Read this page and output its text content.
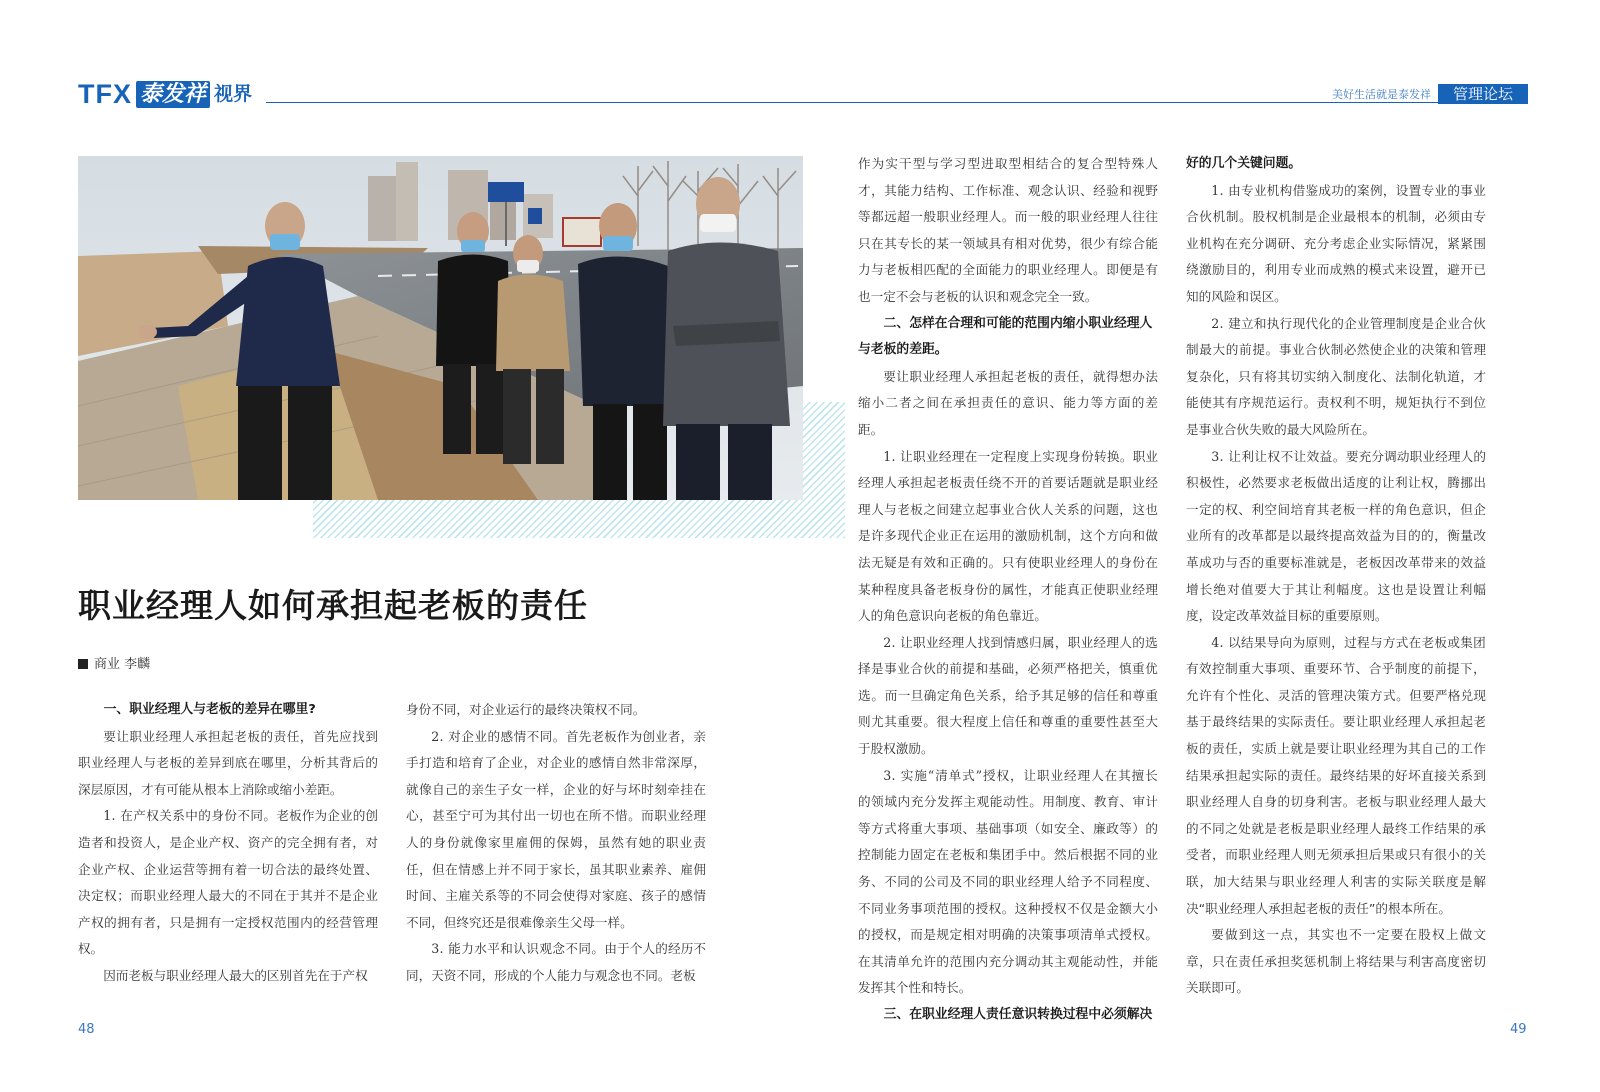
TFX 泰发祥 视界	美好生活就是泰发祥	管理论坛
职业经理人如何承担起老板的责任
商业 李麟
一、职业经理人与老板的差异在哪里?

要让职业经理人承担起老板的责任，首先应找到职业经理人与老板的差异到底在哪里，分析其背后的深层原因，才有可能从根本上消除或缩小差距。

1. 在产权关系中的身份不同。老板作为企业的创造者和投资人，是企业产权、资产的完全拥有者，对企业产权、企业运营等拥有着一切合法的最终处置、决定权；而职业经理人最大的不同在于其并不是企业产权的拥有者，只是拥有一定授权范围内的经营管理权。

因而老板与职业经理人最大的区别首先在于产权

身份不同，对企业运行的最终决策权不同。

2. 对企业的感情不同。首先老板作为创业者，亲手打造和培育了企业，对企业的感情自然非常深厚，就像自己的亲生子女一样，企业的好与坏时刻牵挂在心，甚至宁可为其付出一切也在所不惜。而职业经理人的身份就像家里雇佣的保姆，虽然有她的职业责任，但在情感上并不同于家长，虽其职业素养、雇佣时间、主雇关系等的不同会使得对家庭、孩子的感情不同，但终究还是很难像亲生父母一样。

3. 能力水平和认识观念不同。由于个人的经历不同，天资不同，形成的个人能力与观念也不同。老板

作为实干型与学习型进取型相结合的复合型特殊人才，其能力结构、工作标准、观念认识、经验和视野等都远超一般职业经理人。而一般的职业经理人往往只在其专长的某一领域具有相对优势，很少有综合能力与老板相匹配的全面能力的职业经理人。即便是有也一定不会与老板的认识和观念完全一致。

二、怎样在合理和可能的范围内缩小职业经理人与老板的差距。

要让职业经理人承担起老板的责任，就得想办法缩小二者之间在承担责任的意识、能力等方面的差距。

1. 让职业经理在一定程度上实现身份转换。职业经理人承担起老板责任绕不开的首要话题就是职业经理人与老板之间建立起事业合伙人关系的问题，这也是许多现代企业正在运用的激励机制，这个方向和做法无疑是有效和正确的。只有使职业经理人的身份在某种程度具备老板身份的属性，才能真正使职业经理人的角色意识向老板的角色靠近。

2. 让职业经理人找到情感归属，职业经理人的选择是事业合伙的前提和基础，必须严格把关，慎重优选。而一旦确定角色关系，给予其足够的信任和尊重则尤其重要。很大程度上信任和尊重的重要性甚至大于股权激励。

3. 实施“清单式”授权，让职业经理人在其擅长的领域内充分发挥主观能动性。用制度、教育、审计等方式将重大事项、基础事项（如安全、廉政等）的控制能力固定在老板和集团手中。然后根据不同的业务、不同的公司及不同的职业经理人给予不同程度、不同业务事项范围的授权。这种授权不仅是金额大小的授权，而是规定相对明确的决策事项清单式授权。在其清单允许的范围内充分调动其主观能动性，并能发挥其个性和特长。

三、在职业经理人责任意识转换过程中必须解决
好的几个关键问题。

1. 由专业机构借鉴成功的案例，设置专业的事业合伙机制。股权机制是企业最根本的机制，必须由专业机构在充分调研、充分考虑企业实际情况，紧紧围绕激励目的，利用专业而成熟的模式来设置，避开已知的风险和误区。

2. 建立和执行现代化的企业管理制度是企业合伙制最大的前提。事业合伙制必然使企业的决策和管理复杂化，只有将其切实纳入制度化、法制化轨道，才能使其有序规范运行。责权利不明，规矩执行不到位是事业合伙失败的最大风险所在。

3. 让利让权不让效益。要充分调动职业经理人的积极性，必然要求老板做出适度的让利让权，腾挪出一定的权、利空间培育其老板一样的角色意识，但企业所有的改革都是以最终提高效益为目的的，衡量改革成功与否的重要标准就是，老板因改革带来的效益增长绝对值要大于其让利幅度。这也是设置让利幅度，设定改革效益目标的重要原则。

4. 以结果导向为原则，过程与方式在老板或集团有效控制重大事项、重要环节、合乎制度的前提下，允许有个性化、灵活的管理决策方式。但要严格兑现基于最终结果的实际责任。要让职业经理人承担起老板的责任，实质上就是要让职业经理为其自己的工作结果承担起实际的责任。最终结果的好坏直接关系到职业经理人自身的切身利害。老板与职业经理人最大的不同之处就是老板是职业经理人最终工作结果的承受者，而职业经理人则无须承担后果或只有很小的关联，加大结果与职业经理人利害的实际关联度是解决“职业经理人承担起老板的责任”的根本所在。

要做到这一点，其实也不一定要在股权上做文章，只在责任承担奖惩机制上将结果与利害高度密切关联即可。

48	49
